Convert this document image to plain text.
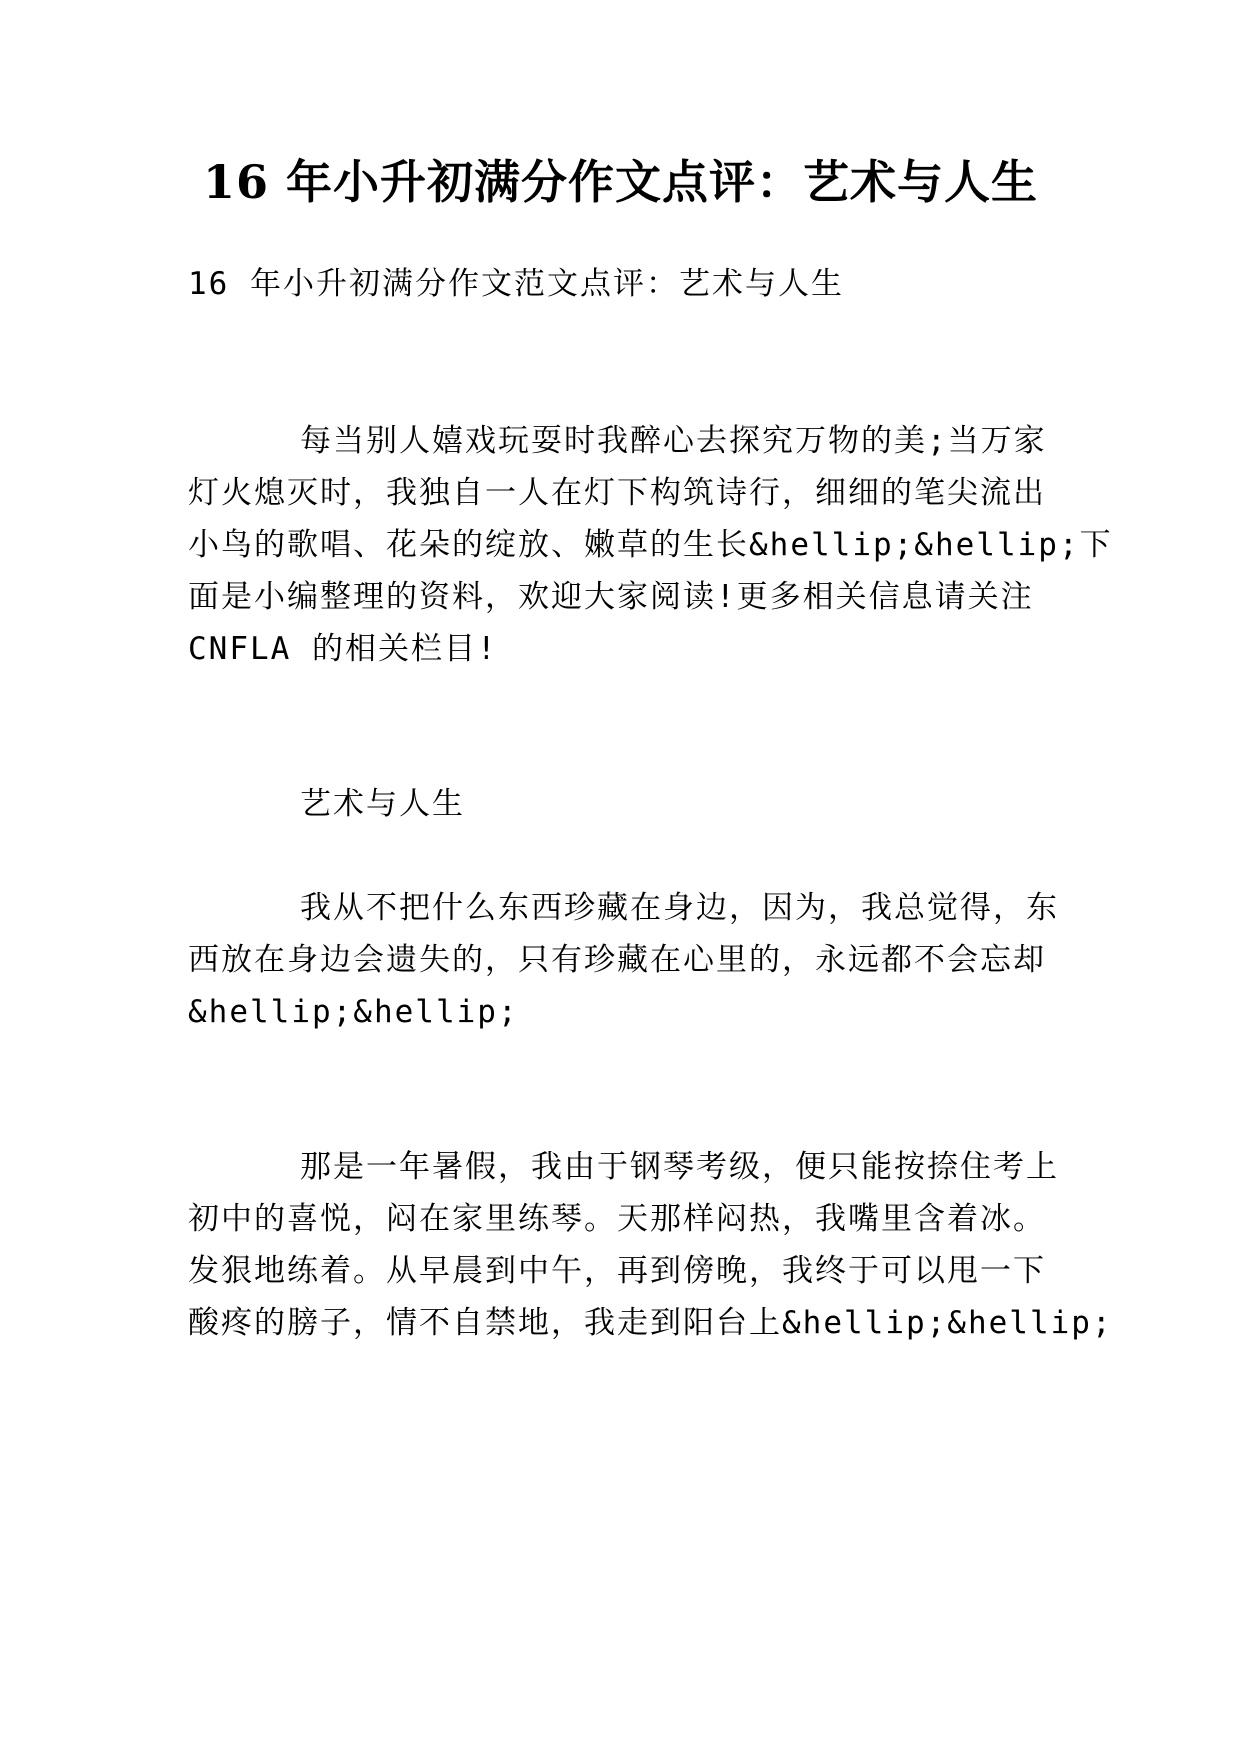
16 年小升初满分作文点评：艺术与人生

16 年小升初满分作文范文点评：艺术与人生

每当别人嬉戏玩耍时我醉心去探究万物的美;当万家

灯火熄灭时，我独自一人在灯下构筑诗行，细细的笔尖流出

小鸟的歌唱、花朵的绽放、嫩草的生长&hellip;&hellip;下

面是小编整理的资料，欢迎大家阅读!更多相关信息请关注

CNFLA 的相关栏目!

艺术与人生

我从不把什么东西珍藏在身边，因为，我总觉得，东

西放在身边会遗失的，只有珍藏在心里的，永远都不会忘却

&hellip;&hellip;

那是一年暑假，我由于钢琴考级，便只能按捺住考上

初中的喜悦，闷在家里练琴。天那样闷热，我嘴里含着冰。

发狠地练着。从早晨到中午，再到傍晚，我终于可以甩一下

酸疼的膀子，情不自禁地，我走到阳台上&hellip;&hellip;
